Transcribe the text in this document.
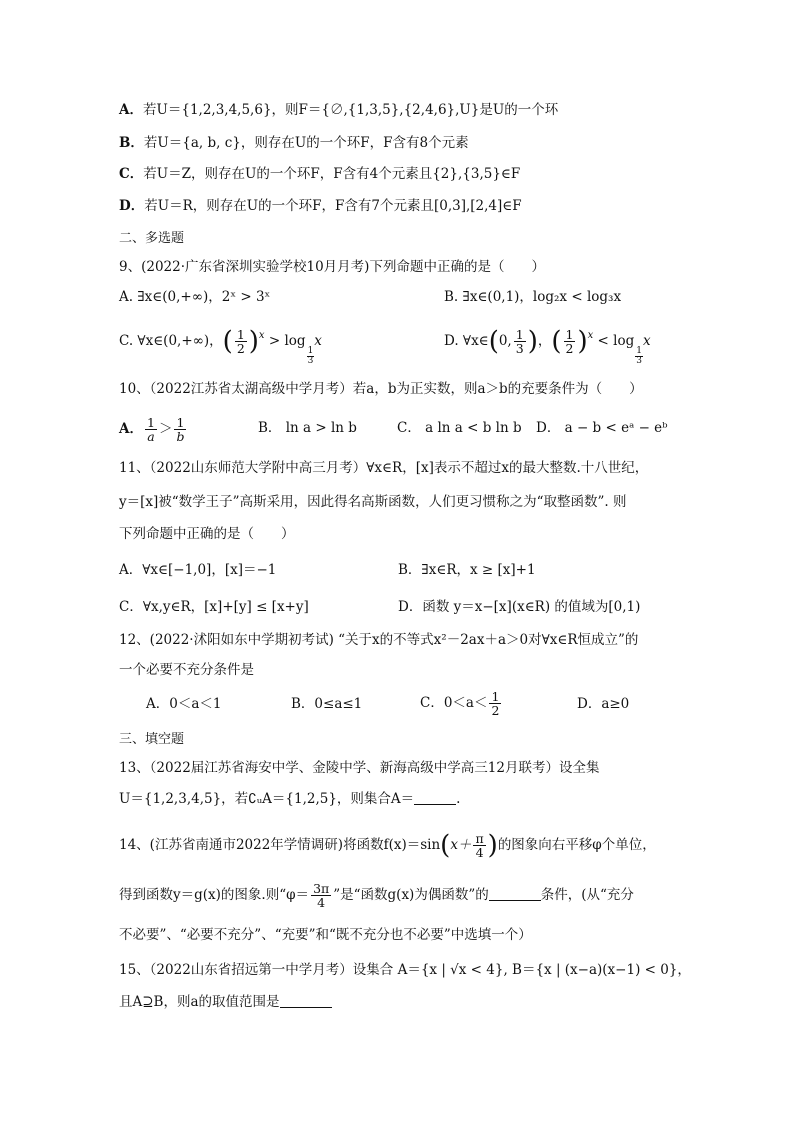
A．若U＝{1,2,3,4,5,6}，则F＝{∅,{1,3,5},{2,4,6},U}是U的一个环
B．若U＝{a, b, c}，则存在U的一个环F，F含有8个元素
C．若U＝Z，则存在U的一个环F，F含有4个元素且{2},{3,5}∈F
D．若U＝R，则存在U的一个环F，F含有7个元素且[0,3],[2,4]∈F
二、多选题
9、(2022·广东省深圳实验学校10月月考)下列命题中正确的是（　　）
A. ∃x∈(0,+∞)，2ˣ > 3ˣ	B. ∃x∈(0,1)，log₂x < log₃x
C. ∀x∈(0,+∞)，( $\frac{1}{2} )^x > \log$
$\frac{1}{3}$
x	D. ∀x∈(0, $\frac{1}{3}$ )，( $\frac{1}{2} )^x < \log$
$\frac{1}{3}$
x
10、（2022江苏省太湖高级中学月考）若a，b为正实数，则a＞b的充要条件为（　　）
A． $\frac{1}{a} > \frac{1}{b}$	B． ln a > ln b	C． a ln a < b ln b D． a − b < eᵃ − eᵇ
11、（2022山东师范大学附中高三月考）∀x∈R，[x]表示不超过x的最大整数.十八世纪，
y＝[x]被“数学王子”高斯采用，因此得名高斯函数，人们更习惯称之为“取整函数”. 则
下列命题中正确的是（　　）
A．∀x∈[−1,0]，[x]＝−1	B．∃x∈R，x ≥ [x]+1
C．∀x,y∈R，[x]+[y] ≤ [x+y]	D．函数 y＝x−[x](x∈R) 的值域为[0,1)
12、(2022·沭阳如东中学期初考试) “关于x的不等式x²－2ax＋a＞0对∀x∈R恒成立”的
一个必要不充分条件是
A．0＜a＜1	B．0≤a≤1	C．$0<a< \frac{1}{2}$	D．a≥0
三、填空题
13、（2022届江苏省海安中学、金陵中学、新海高级中学高三12月联考）设全集
U＝{1,2,3,4,5}，若∁ᵤA＝{1,2,5}，则集合A＝	.
14、(江苏省南通市2022年学情调研)将函数$f(x)=\sin(x+ \frac{\pi}{4}$ )的图象向右平移φ个单位，
得到函数y＝g(x)的图象.则“$\varphi= \frac{3\pi}{4}$ ”是“函数g(x)为偶函数”的	条件，(从“充分
不必要”、“必要不充分”、“充要”和“既不充分也不必要”中选填一个）
15、（2022山东省招远第一中学月考）设集合 A＝{x | √x < 4}, B＝{x | (x−a)(x−1) < 0}，
且A⊇B，则a的取值范围是
